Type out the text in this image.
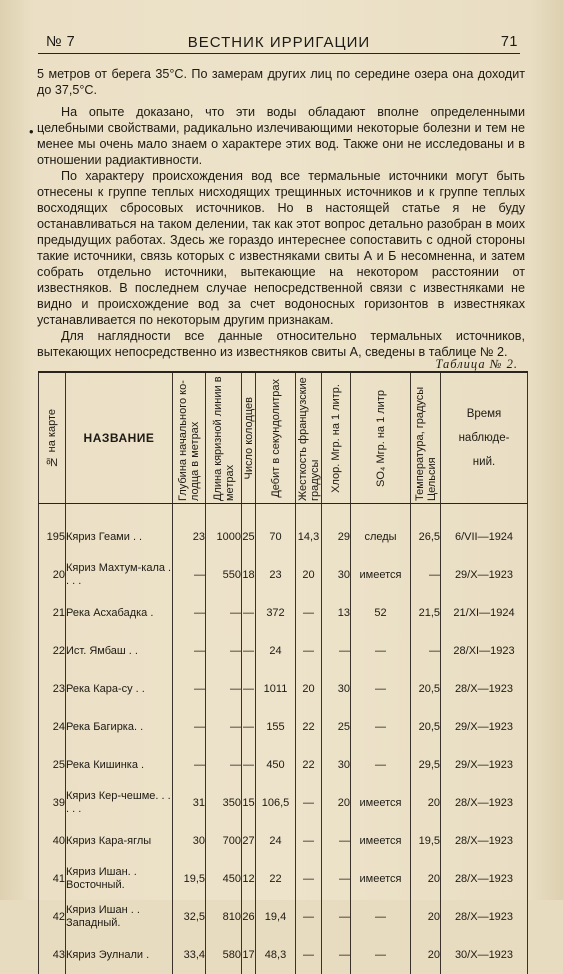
ВЕСТНИК ИРРИГАЦИИ
№ 7	71
•

5 метров от берега 35°С. По замерам других лиц по середине озера она доходит до 37,5°С.

На опыте доказано, что эти воды обладают вполне определенными целебными свойствами, радикально излечивающими некоторые болезни и тем не менее мы очень мало знаем о характере этих вод. Также они не исследованы и в отношении радиактивности.

По характеру происхождения вод все термальные источники могут быть отнесены к группе теплых нисходящих трещинных источников и к группе теплых восходящих сбросовых источников. Но в настоящей статье я не буду останавливаться на таком делении, так как этот вопрос детально разобран в моих предыдущих работах. Здесь же гораздо интереснее сопоставить с одной стороны такие источники, связь которых с известняками свиты А и Б несомненна, и затем собрать отдельно источники, вытекающие на некотором расстоянии от известняков. В последнем случае непосредственной связи с известняками не видно и происхождение вод за счет водоносных горизонтов в известняках устанавливается по некоторым другим признакам.

Для наглядности все данные относительно термальных источников, вытекающих непосредственно из известняков свиты А, сведены в таблице № 2.

Таблица № 2.
№ на карте	НАЗВАНИЕ	Глубина начального ко-лодца в метрах	Длина кяризной линии в метрах	Число колодцев	Дебит в секундолитрах	Жесткость французские градусы	Хлор. Мгр. на 1 литр.	SO₄ Мгр. на 1 литр	Температура, градусы Цельсия	Время
наблюде-
ний.

195	Кяриз Геами . .	23	1000	25	70	14,3	29	следы	26,5	6/VII—1924
20	Кяриз Махтум-кала . . . .	—	550	18	23	20	30	имеется	—	29/X—1923
21	Река Асхабадка .	—	—	—	372	—	13	52	21,5	21/XI—1924
22	Ист. Ямбаш . .	—	—	—	24	—	—	—	—	28/XI—1923
23	Река Кара-су . .	—	—	—	1011	20	30	—	20,5	28/X—1923
24	Река Багирка. .	—	—	—	155	22	25	—	20,5	29/X—1923
25	Река Кишинка .	—	—	—	450	22	30	—	29,5	29/X—1923
39	Кяриз Кер-чешме. . . . . .	31	350	15	106,5	—	20	имеется	20	28/X—1923
40	Кяриз Кара-яглы	30	700	27	24	—	—	имеется	19,5	28/X—1923
41	Кяриз Ишан. . Восточный.	19,5	450	12	22	—	—	имеется	20	28/X—1923
42	Кяриз Ишан . . Западный.	32,5	810	26	19,4	—	—	—	20	28/X—1923
43	Кяриз Эулнали .	33,4	580	17	48,3	—	—	—	20	30/X—1923
